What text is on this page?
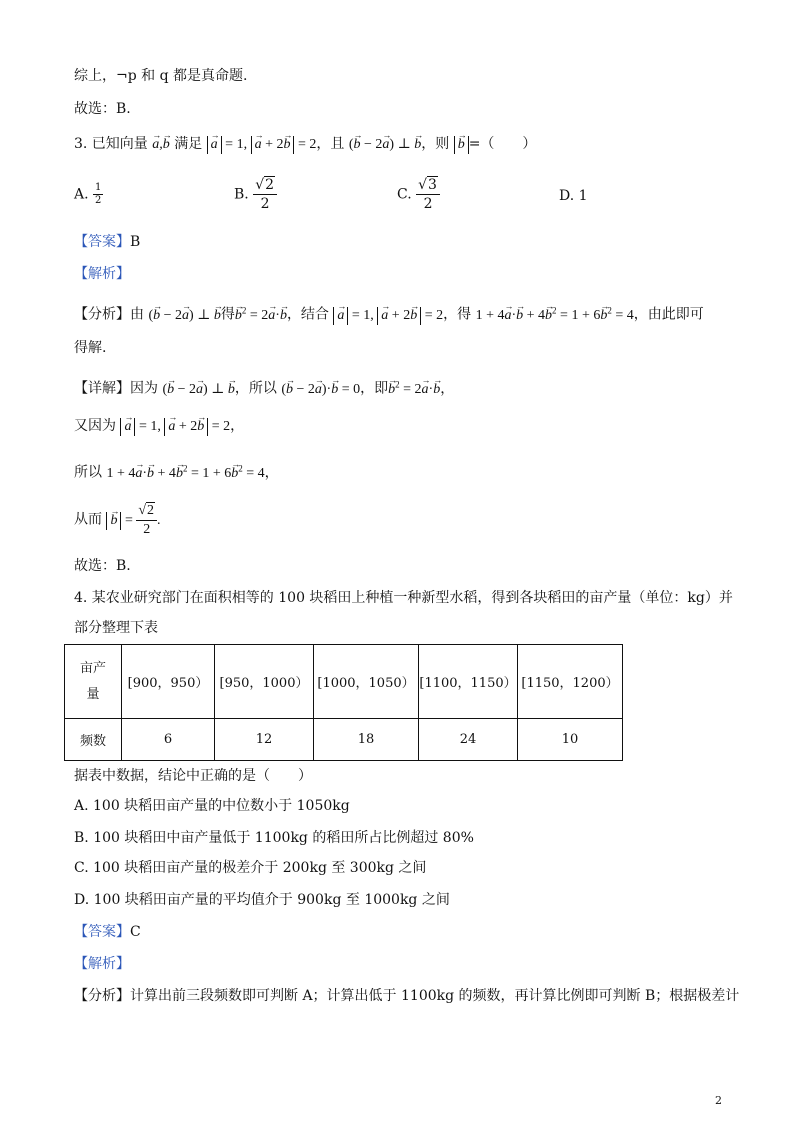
综上，¬p 和 q 都是真命题.
故选：B.
3. 已知向量 → a,→ b 满足 → a = 1, → a + 2→ b = 2，且 (→ b − 2→ a) ⊥ → b，则 → b =（　　）
A. $\frac{1}{2}$	B. $\frac{√2}{2}$	C. $\frac{√3}{2}$	D. 1
【答案】B
【解析】
【分析】由 (→ b − 2→ a) ⊥ → b得→ $b^2 = 2\to a\cdot\to b$，结合 → a = 1, → a + 2→ b = 2，得 $1 + 4\to a\cdot\to b + 4\to b^2 = 1 + 6\to b^2 = 4$，由此即可
得解.
【详解】因为 (→ b − 2→ a) ⊥ → b，所以 (→ b − 2→ a)·→ b = 0，即→ $b^2 = 2\to a\cdot\to b$，
又因为 → a = 1, → a + 2→ b = 2，
所以 $1 + 4\to a\cdot\to b + 4\to b^2 = 1 + 6\to b^2 = 4$，
从而 → $b = \frac{√2}{2}$ .
故选：B.
4. 某农业研究部门在面积相等的 100 块稻田上种植一种新型水稻，得到各块稻田的亩产量（单位：kg）并
部分整理下表
亩产
量	[900，950）	[950，1000）	[1000，1050）	[1100，1150）	[1150，1200）
频数	6	12	18	24	10
据表中数据，结论中正确的是（　　）
A. 100 块稻田亩产量的中位数小于 1050kg
B. 100 块稻田中亩产量低于 1100kg 的稻田所占比例超过 80%
C. 100 块稻田亩产量的极差介于 200kg 至 300kg 之间
D. 100 块稻田亩产量的平均值介于 900kg 至 1000kg 之间
【答案】C
【解析】
【分析】计算出前三段频数即可判断 A；计算出低于 1100kg 的频数，再计算比例即可判断 B；根据极差计
2
